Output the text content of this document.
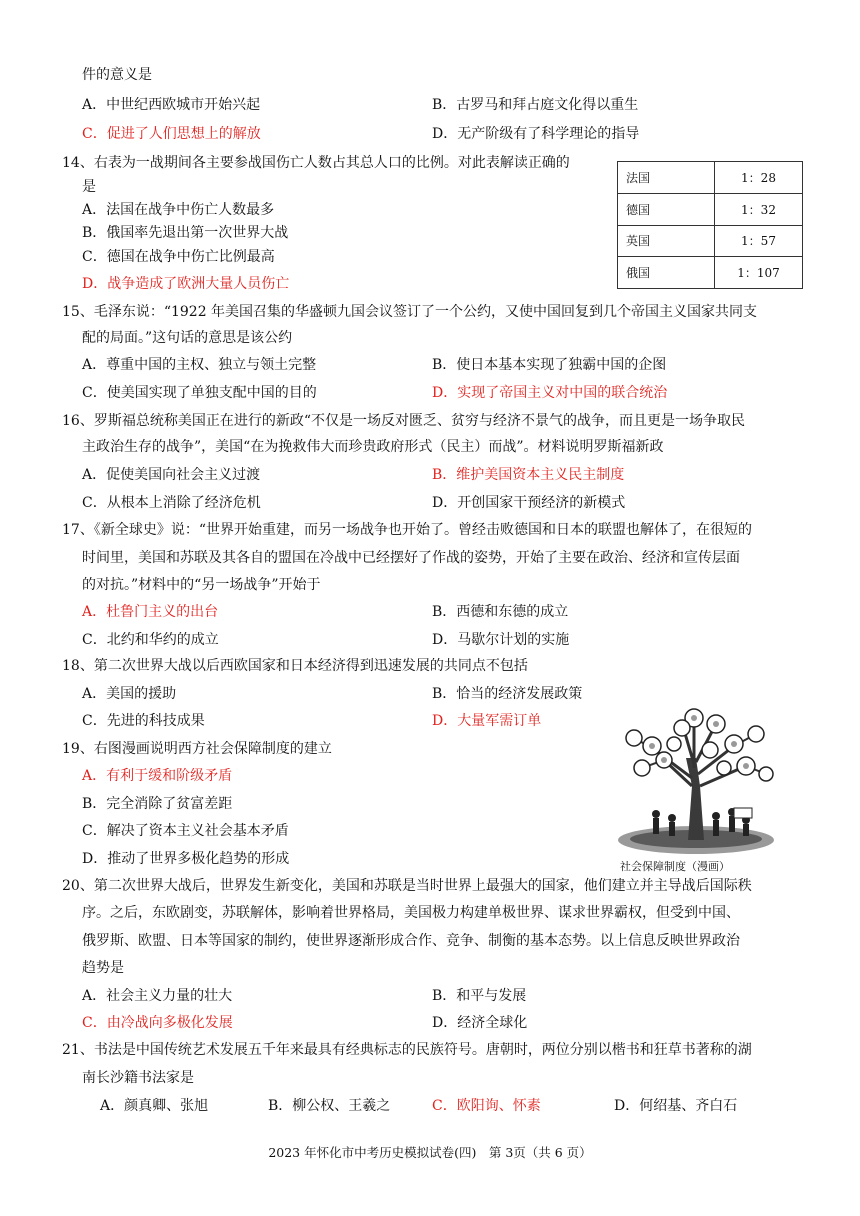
件的意义是
A．中世纪西欧城市开始兴起	B．古罗马和拜占庭文化得以重生
C．促进了人们思想上的解放	D．无产阶级有了科学理论的指导
14、右表为一战期间各主要参战国伤亡人数占其总人口的比例。对此表解读正确的
是
A．法国在战争中伤亡人数最多
B．俄国率先退出第一次世界大战
C．德国在战争中伤亡比例最高
D．战争造成了欧洲大量人员伤亡
法国	1：28
德国	1：32
英国	1：57
俄国	1：107
15、毛泽东说：“1922 年美国召集的华盛顿九国会议签订了一个公约，又使中国回复到几个帝国主义国家共同支
配的局面。”这句话的意思是该公约
A．尊重中国的主权、独立与领土完整	B．使日本基本实现了独霸中国的企图
C．使美国实现了单独支配中国的目的	D．实现了帝国主义对中国的联合统治
16、罗斯福总统称美国正在进行的新政“不仅是一场反对匮乏、贫穷与经济不景气的战争，而且更是一场争取民
主政治生存的战争”，美国“在为挽救伟大而珍贵政府形式（民主）而战”。材料说明罗斯福新政
A．促使美国向社会主义过渡	B．维护美国资本主义民主制度
C．从根本上消除了经济危机	D．开创国家干预经济的新模式
17、《新全球史》说：“世界开始重建，而另一场战争也开始了。曾经击败德国和日本的联盟也解体了，在很短的
时间里，美国和苏联及其各自的盟国在冷战中已经摆好了作战的姿势，开始了主要在政治、经济和宣传层面
的对抗。”材料中的“另一场战争”开始于
A．杜鲁门主义的出台	B．西德和东德的成立
C．北约和华约的成立	D．马歇尔计划的实施
18、第二次世界大战以后西欧国家和日本经济得到迅速发展的共同点不包括
A．美国的援助	B．恰当的经济发展政策
C．先进的科技成果	D．大量军需订单
19、右图漫画说明西方社会保障制度的建立
A．有利于缓和阶级矛盾
B．完全消除了贫富差距
C．解决了资本主义社会基本矛盾
D．推动了世界多极化趋势的形成	社会保障制度（漫画）
20、第二次世界大战后，世界发生新变化，美国和苏联是当时世界上最强大的国家，他们建立并主导战后国际秩
序。之后，东欧剧变，苏联解体，影响着世界格局，美国极力构建单极世界、谋求世界霸权，但受到中国、
俄罗斯、欧盟、日本等国家的制约，使世界逐渐形成合作、竞争、制衡的基本态势。以上信息反映世界政治
趋势是
A．社会主义力量的壮大	B．和平与发展
C．由冷战向多极化发展	D．经济全球化
21、书法是中国传统艺术发展五千年来最具有经典标志的民族符号。唐朝时，两位分别以楷书和狂草书著称的湖
南长沙籍书法家是
A．颜真卿、张旭	B．柳公权、王羲之	C．欧阳询、怀素	D．何绍基、齐白石
2023 年怀化市中考历史模拟试卷(四)　第 3页（共 6 页）
